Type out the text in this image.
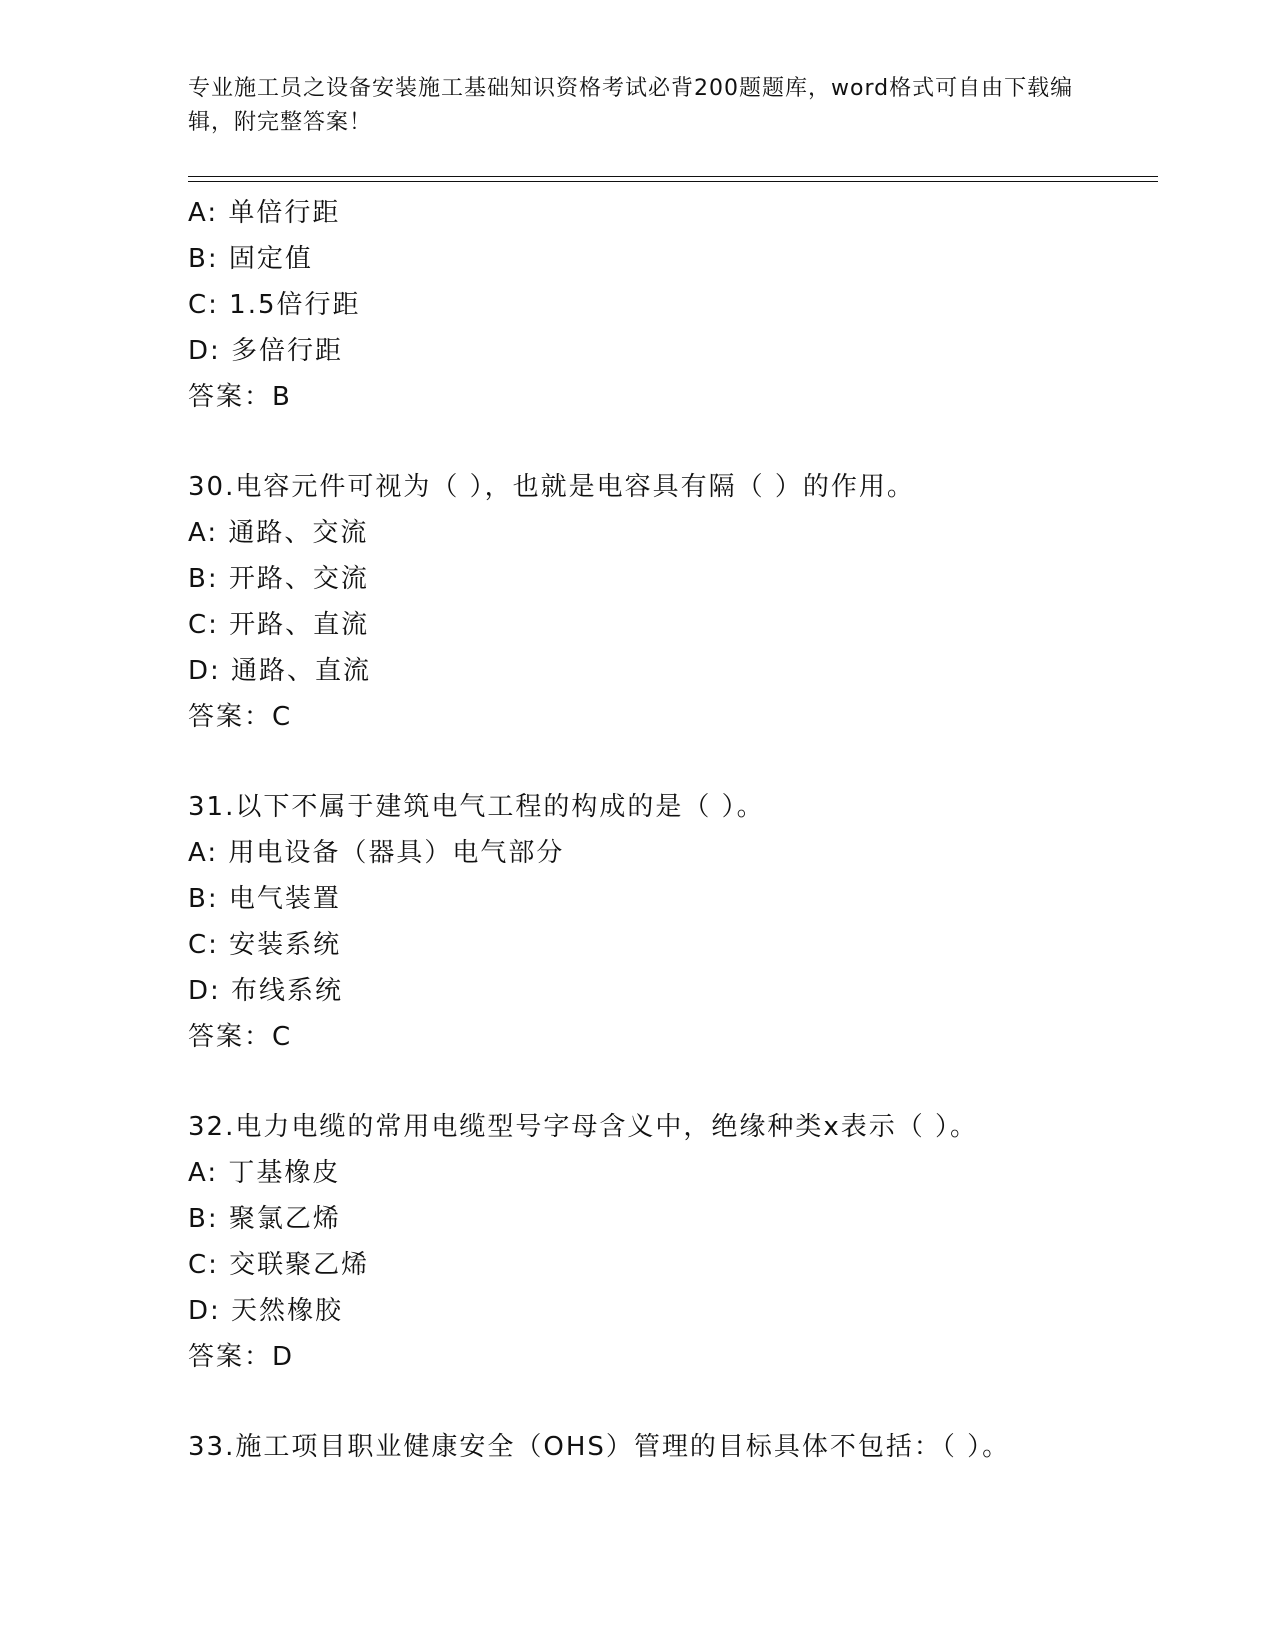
专业施工员之设备安装施工基础知识资格考试必背200题题库，word格式可自由下载编辑，附完整答案！
A: 单倍行距
B: 固定值
C: 1.5倍行距
D: 多倍行距
答案：B
30.电容元件可视为（ ），也就是电容具有隔（ ）的作用。
A: 通路、交流
B: 开路、交流
C: 开路、直流
D: 通路、直流
答案：C
31.以下不属于建筑电气工程的构成的是（ ）。
A: 用电设备（器具）电气部分
B: 电气装置
C: 安装系统
D: 布线系统
答案：C
32.电力电缆的常用电缆型号字母含义中，绝缘种类x表示（ ）。
A: 丁基橡皮
B: 聚氯乙烯
C: 交联聚乙烯
D: 天然橡胶
答案：D
33.施工项目职业健康安全（OHS）管理的目标具体不包括：（ ）。
